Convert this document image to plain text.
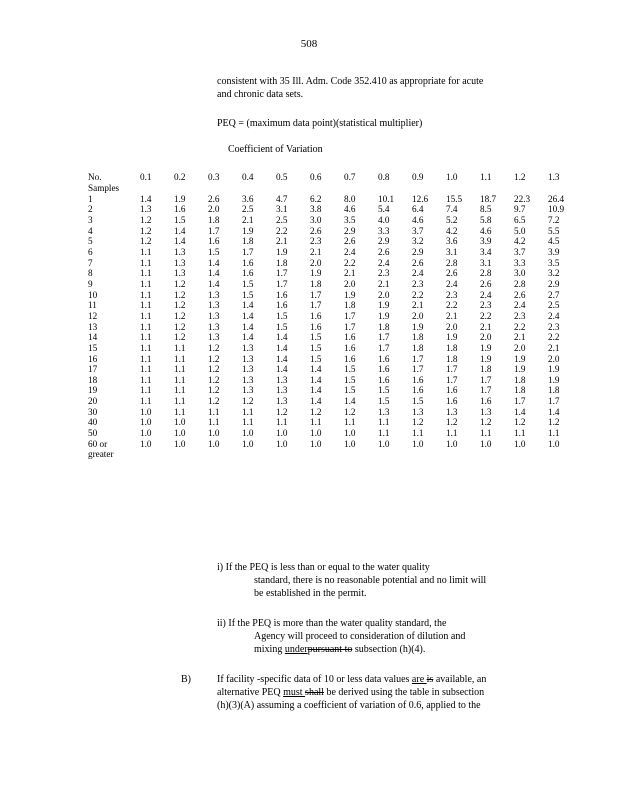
508
consistent with 35 Ill. Adm. Code 352.410 as appropriate for acute
and chronic data sets.
PEQ = (maximum data point)(statistical multiplier)
Coefficient of Variation
No.	0.1	0.2	0.3	0.4	0.5	0.6	0.7	0.8	0.9	1.0	1.1	1.2	1.3
Samples													
1	1.4	1.9	2.6	3.6	4.7	6.2	8.0	10.1	12.6	15.5	18.7	22.3	26.4
2	1.3	1.6	2.0	2.5	3.1	3.8	4.6	5.4	6.4	7.4	8.5	9.7	10.9
3	1.2	1.5	1.8	2.1	2.5	3.0	3.5	4.0	4.6	5.2	5.8	6.5	7.2
4	1.2	1.4	1.7	1.9	2.2	2.6	2.9	3.3	3.7	4.2	4.6	5.0	5.5
5	1.2	1.4	1.6	1.8	2.1	2.3	2.6	2.9	3.2	3.6	3.9	4.2	4.5
6	1.1	1.3	1.5	1.7	1.9	2.1	2.4	2.6	2.9	3.1	3.4	3.7	3.9
7	1.1	1.3	1.4	1.6	1.8	2.0	2.2	2.4	2.6	2.8	3.1	3.3	3.5
8	1.1	1.3	1.4	1.6	1.7	1.9	2.1	2.3	2.4	2.6	2.8	3.0	3.2
9	1.1	1.2	1.4	1.5	1.7	1.8	2.0	2.1	2.3	2.4	2.6	2.8	2.9
10	1.1	1.2	1.3	1.5	1.6	1.7	1.9	2.0	2.2	2.3	2.4	2.6	2.7
11	1.1	1.2	1.3	1.4	1.6	1.7	1.8	1.9	2.1	2.2	2.3	2.4	2.5
12	1.1	1.2	1.3	1.4	1.5	1.6	1.7	1.9	2.0	2.1	2.2	2.3	2.4
13	1.1	1.2	1.3	1.4	1.5	1.6	1.7	1.8	1.9	2.0	2.1	2.2	2.3
14	1.1	1.2	1.3	1.4	1.4	1.5	1.6	1.7	1.8	1.9	2.0	2.1	2.2
15	1.1	1.1	1.2	1.3	1.4	1.5	1.6	1.7	1.8	1.8	1.9	2.0	2.1
16	1.1	1.1	1.2	1.3	1.4	1.5	1.6	1.6	1.7	1.8	1.9	1.9	2.0
17	1.1	1.1	1.2	1.3	1.4	1.4	1.5	1.6	1.7	1.7	1.8	1.9	1.9
18	1.1	1.1	1.2	1.3	1.3	1.4	1.5	1.6	1.6	1.7	1.7	1.8	1.9
19	1.1	1.1	1.2	1.3	1.3	1.4	1.5	1.5	1.6	1.6	1.7	1.8	1.8
20	1.1	1.1	1.2	1.2	1.3	1.4	1.4	1.5	1.5	1.6	1.6	1.7	1.7
30	1.0	1.1	1.1	1.1	1.2	1.2	1.2	1.3	1.3	1.3	1.3	1.4	1.4
40	1.0	1.0	1.1	1.1	1.1	1.1	1.1	1.1	1.2	1.2	1.2	1.2	1.2
50	1.0	1.0	1.0	1.0	1.0	1.0	1.0	1.1	1.1	1.1	1.1	1.1	1.1
60 or	1.0	1.0	1.0	1.0	1.0	1.0	1.0	1.0	1.0	1.0	1.0	1.0	1.0
greater													
i) If the PEQ is less than or equal to the water quality
standard, there is no reasonable potential and no limit will
be established in the permit.
ii) If the PEQ is more than the water quality standard, the
Agency will proceed to consideration of dilution and
mixing underpursuant to subsection (h)(4).
B)	If facility -specific data of 10 or less data values are is available, an
alternative PEQ must shall be derived using the table in subsection
(h)(3)(A) assuming a coefficient of variation of 0.6, applied to the
